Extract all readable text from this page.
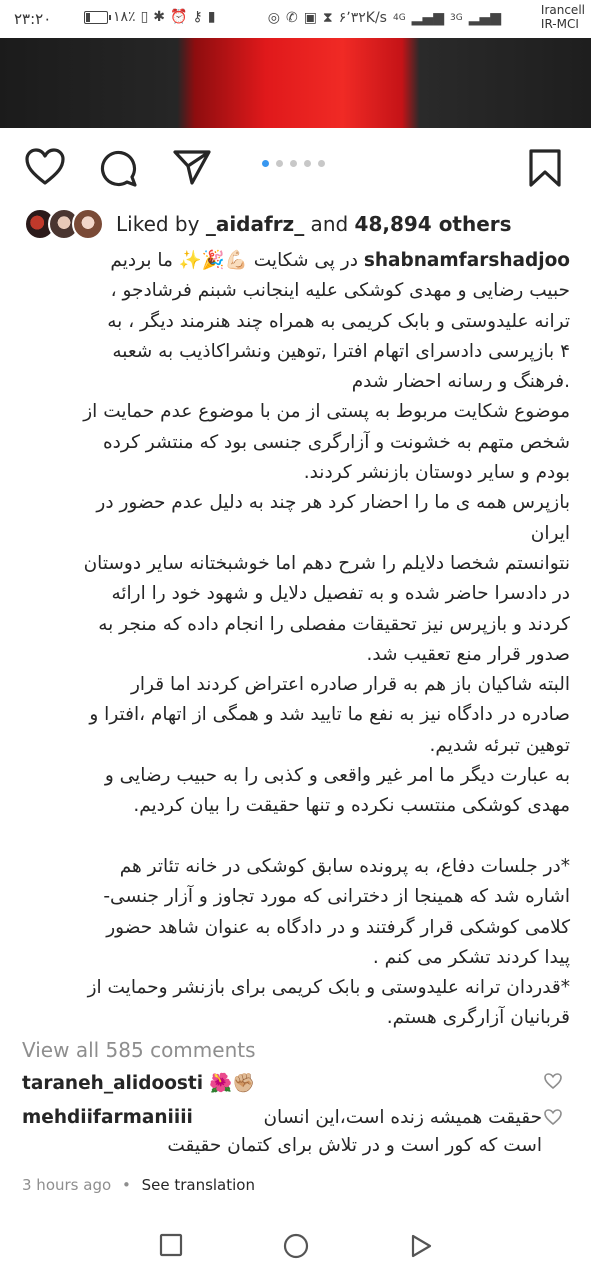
۲۳:۲۰	۱۸٪ ▯ ✱ ⏰ ⚷ ▮	◎ ✆ ▣ ⧗ ۶٬۳۲K/s 4G ▂▄▆ 3G ▂▄▆	Irancell
IR-MCI
Liked by _aidafrz_ and 48,894 others
shabnamfarshadjoo در پی شکایت 💪🏻🎉✨ ما بردیم
حبیب رضایی و مهدی کوشکی علیه اینجانب شبنم فرشادجو ،
ترانه علیدوستی و بابک کریمی به همراه چند هنرمند دیگر ، به
۴ بازپرسی دادسرای اتهام افترا ,توهین ونشراکاذیب به شعبه
.فرهنگ و رسانه احضار شدم
موضوع شکایت مربوط به پستی از من با موضوع عدم حمایت از
شخص متهم به خشونت و آزارگری جنسی بود که منتشر کرده
بودم و سایر دوستان بازنشر کردند.
بازپرس همه ی ما را احضار کرد هر چند به دلیل عدم حضور در
ایران
نتوانستم شخصا دلایلم را شرح دهم اما خوشبختانه سایر دوستان
در دادسرا حاضر شده و به تفصیل دلایل و شهود خود را ارائه
کردند و بازپرس نیز تحقیقات مفصلی را انجام داده که منجر به
صدور قرار منع تعقیب شد.
البته شاکیان باز هم به قرار صادره اعتراض کردند اما قرار
صادره در دادگاه نیز به نفع ما تایید شد و همگی از اتهام ،افترا و
توهین تبرئه شدیم.
به عبارت دیگر ما امر غیر واقعی و کذبی را به حبیب رضایی و
مهدی کوشکی منتسب نکرده و تنها حقیقت را بیان کردیم.

*در جلسات دفاع، به پرونده سابق کوشکی در خانه تئاتر هم
اشاره شد که همینجا از دخترانی که مورد تجاوز و آزار جنسی-
کلامی کوشکی قرار گرفتند و در دادگاه به عنوان شاهد حضور
پیدا کردند تشکر می کنم .
*قدردان ترانه علیدوستی و بابک کریمی برای بازنشر وحمایت از
قربانیان آزارگری هستم.
View all 585 comments
taraneh_alidoosti 🌺✊🏼
mehdiifarmaniiii	حقیقت همیشه زنده است،این انسان
است که کور است و در تلاش برای کتمان حقیقت
3 hours ago • See translation
